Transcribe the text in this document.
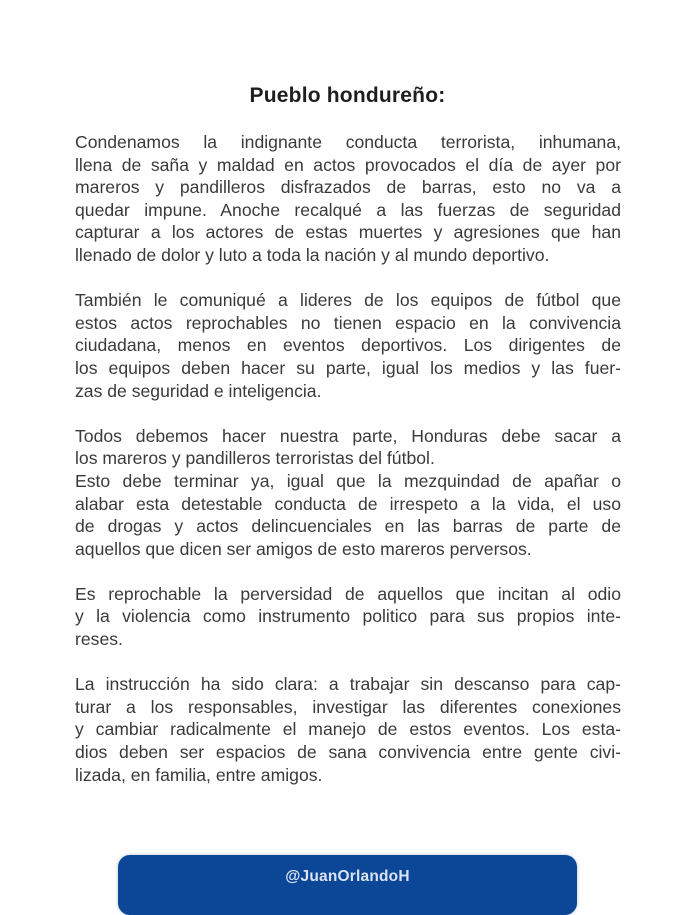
Pueblo hondureño:
Condenamos la indignante conducta terrorista, inhumana,
llena de saña y maldad en actos provocados el día de ayer por
mareros y pandilleros disfrazados de barras, esto no va a
quedar impune. Anoche recalqué a las fuerzas de seguridad
capturar a los actores de estas muertes y agresiones que han
llenado de dolor y luto a toda la nación y al mundo deportivo.
También le comuniqué a lideres de los equipos de fútbol que
estos actos reprochables no tienen espacio en la convivencia
ciudadana, menos en eventos deportivos. Los dirigentes de
los equipos deben hacer su parte, igual los medios y las fuer-
zas de seguridad e inteligencia.
Todos debemos hacer nuestra parte, Honduras debe sacar a
los mareros y pandilleros terroristas del fútbol.
Esto debe terminar ya, igual que la mezquindad de apañar o
alabar esta detestable conducta de irrespeto a la vida, el uso
de drogas y actos delincuenciales en las barras de parte de
aquellos que dicen ser amigos de esto mareros perversos.
Es reprochable la perversidad de aquellos que incitan al odio
y la violencia como instrumento politico para sus propios inte-
reses.
La instrucción ha sido clara: a trabajar sin descanso para cap-
turar a los responsables, investigar las diferentes conexiones
y cambiar radicalmente el manejo de estos eventos. Los esta-
dios deben ser espacios de sana convivencia entre gente civi-
lizada, en familia, entre amigos.
@JuanOrlandoH
